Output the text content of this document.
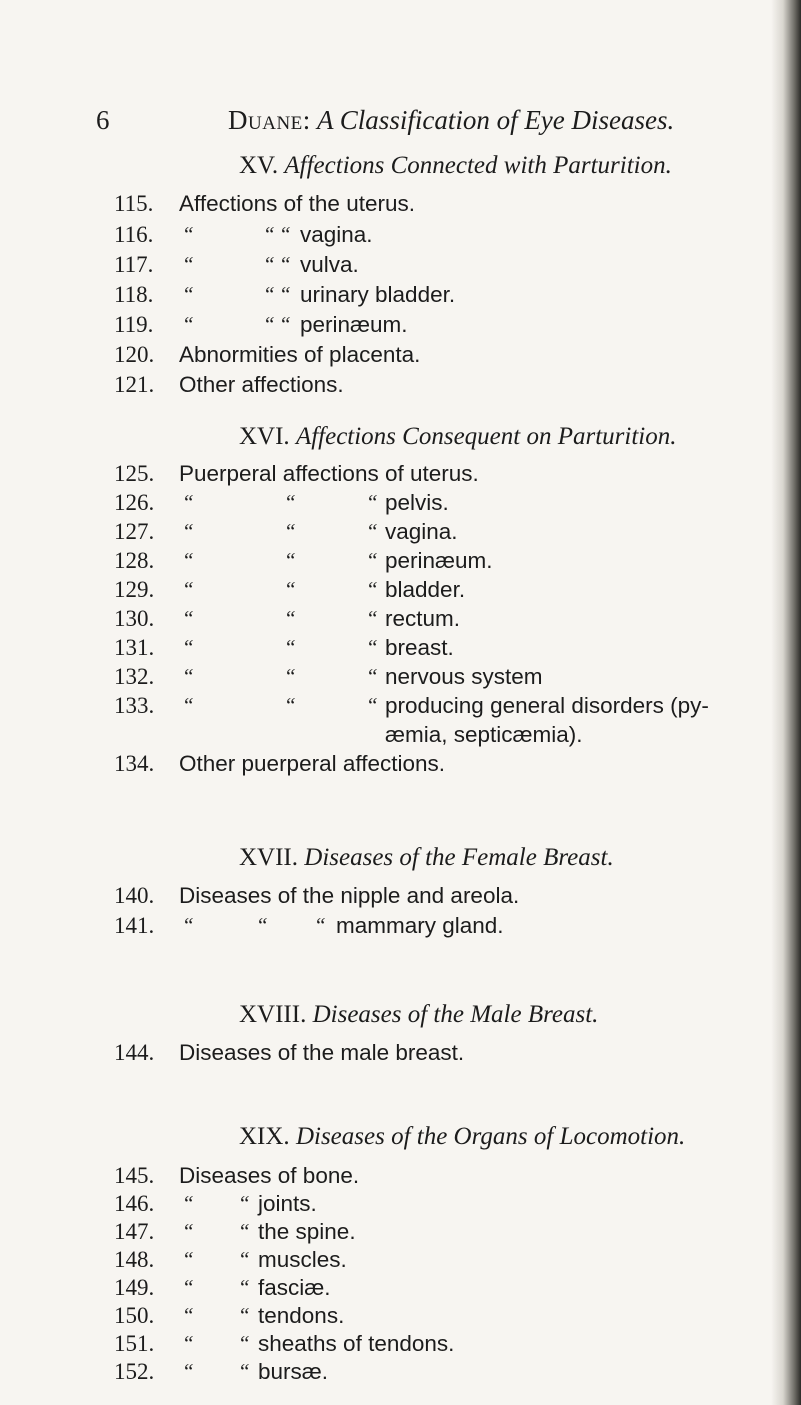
6	Duane: A Classification of Eye Diseases.
XV. Affections Connected with Parturition.
115. Affections of the uterus.
116. “	“ “ vagina.
117. “	“ “ vulva.
118. “	“ “ urinary bladder.
119. “	“ “ perinæum.
120. Abnormities of placenta.
121. Other affections.
XVI. Affections Consequent on Parturition.
125. Puerperal affections of uterus.
126. “	“	“ pelvis.
127. “	“	“ vagina.
128. “	“	“ perinæum.
129. “	“	“ bladder.
130. “	“	“ rectum.
131. “	“	“ breast.
132. “	“	“ nervous system
133. “	“	“ producing general disorders (py-
æmia, septicæmia).
134. Other puerperal affections.
XVII. Diseases of the Female Breast.
140. Diseases of the nipple and areola.
141. “	“ “ mammary gland.
XVIII. Diseases of the Male Breast.
144. Diseases of the male breast.
XIX. Diseases of the Organs of Locomotion.
145. Diseases of bone.
146. “ “ joints.
147. “ “ the spine.
148. “ “ muscles.
149. “ “ fasciæ.
150. “ “ tendons.
151. “ “ sheaths of tendons.
152. “ “ bursæ.
